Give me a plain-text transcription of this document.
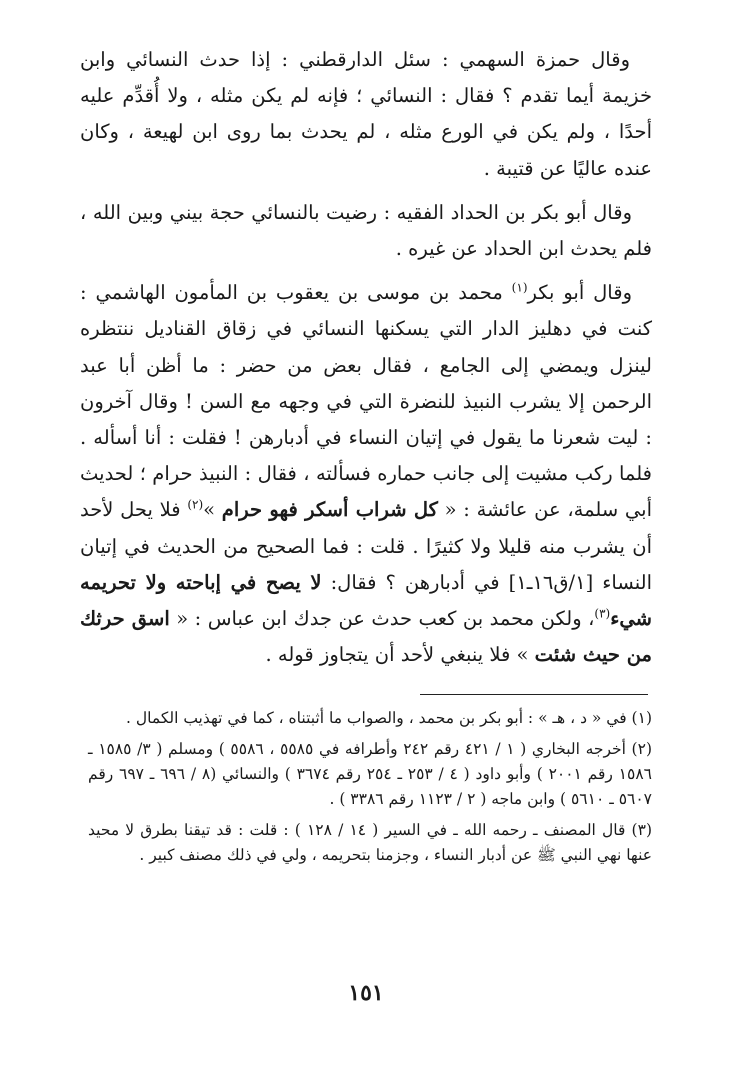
وقال حمزة السهمي : سئل الدارقطني : إذا حدث النسائي وابن خزيمة أيما تقدم ؟ فقال : النسائي ؛ فإنه لم يكن مثله ، ولا أُقدِّم عليه أحدًا ، ولم يكن في الورع مثله ، لم يحدث بما روى ابن لهيعة ، وكان عنده عاليًا عن قتيبة .

وقال أبو بكر بن الحداد الفقيه : رضيت بالنسائي حجة بيني وبين الله ، فلم يحدث ابن الحداد عن غيره .

وقال أبو بكر$^{(١)}$ محمد بن موسى بن يعقوب بن المأمون الهاشمي : كنت في دهليز الدار التي يسكنها النسائي في زقاق القناديل ننتظره لينزل ويمضي إلى الجامع ، فقال بعض من حضر : ما أظن أبا عبد الرحمن إلا يشرب النبيذ للنضرة التي في وجهه مع السن ! وقال آخرون : ليت شعرنا ما يقول في إتيان النساء في أدبارهن ! فقلت : أنا أسأله . فلما ركب مشيت إلى جانب حماره فسألته ، فقال : النبيذ حرام ؛ لحديث أبي سلمة، عن عائشة : « كل شراب أسكر فهو حرام »$^{(٢)}$ فلا يحل لأحد أن يشرب منه قليلا ولا كثيرًا . قلت : فما الصحيح من الحديث في إتيان النساء [١/ق١٦ـ١] في أدبارهن ؟ فقال: لا يصح في إباحته ولا تحريمه شيء$^{(٣)}$، ولكن محمد بن كعب حدث عن جدك ابن عباس : « اسق حرثك من حيث شئت » فلا ينبغي لأحد أن يتجاوز قوله .

(١) في « د ، هـ » : أبو بكر بن محمد ، والصواب ما أثبتناه ، كما في تهذيب الكمال .

(٢) أخرجه البخاري ( ١ / ٤٢١ رقم ٢٤٢ وأطرافه في ٥٥٨٥ ، ٥٥٨٦ ) ومسلم ( ٣/ ١٥٨٥ ـ ١٥٨٦ رقم ٢٠٠١ ) وأبو داود ( ٤ / ٢٥٣ ـ ٢٥٤ رقم ٣٦٧٤ ) والنسائي (٨ / ٦٩٦ ـ ٦٩٧ رقم ٥٦٠٧ ـ ٥٦١٠ ) وابن ماجه ( ٢ / ١١٢٣ رقم ٣٣٨٦ ) .

(٣) قال المصنف ـ رحمه الله ـ في السير ( ١٤ / ١٢٨ ) : قلت : قد تيقنا بطرق لا محيد عنها نهي النبي ﷺ عن أدبار النساء ، وجزمنا بتحريمه ، ولي في ذلك مصنف كبير .

١٥١
